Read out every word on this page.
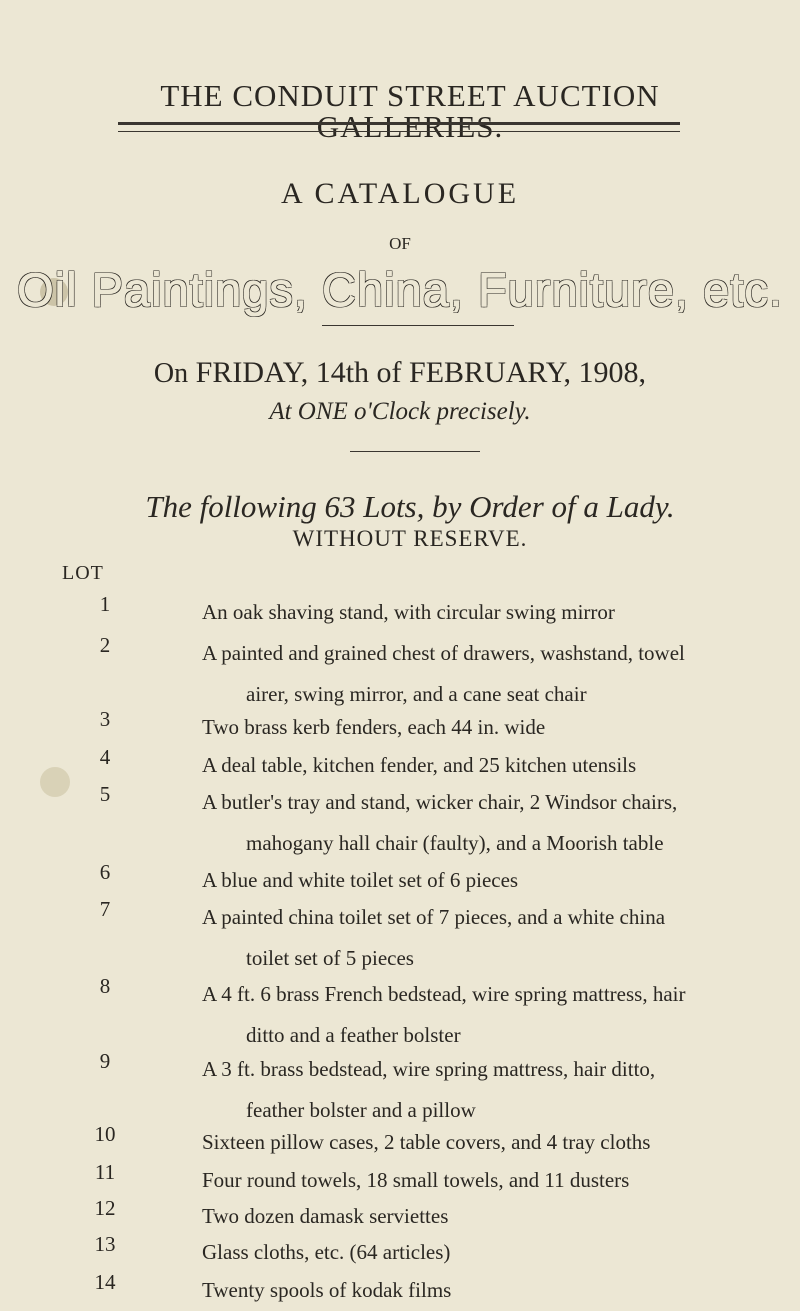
THE CONDUIT STREET AUCTION GALLERIES.
A CATALOGUE
OF
Oil Paintings, China, Furniture, etc.
On FRIDAY, 14th of FEBRUARY, 1908,
At ONE o'Clock precisely.
The following 63 Lots, by Order of a Lady.
WITHOUT RESERVE.
LOT
1	An oak shaving stand, with circular swing mirror
2	A painted and grained chest of drawers, washstand, towel
airer, swing mirror, and a cane seat chair
3	Two brass kerb fenders, each 44 in. wide
4	A deal table, kitchen fender, and 25 kitchen utensils
5	A butler's tray and stand, wicker chair, 2 Windsor chairs,
mahogany hall chair (faulty), and a Moorish table
6	A blue and white toilet set of 6 pieces
7	A painted china toilet set of 7 pieces, and a white china
toilet set of 5 pieces
8	A 4 ft. 6 brass French bedstead, wire spring mattress, hair
ditto and a feather bolster
9	A 3 ft. brass bedstead, wire spring mattress, hair ditto,
feather bolster and a pillow
10	Sixteen pillow cases, 2 table covers, and 4 tray cloths
11	Four round towels, 18 small towels, and 11 dusters
12	Two dozen damask serviettes
13	Glass cloths, etc. (64 articles)
14	Twenty spools of kodak films
